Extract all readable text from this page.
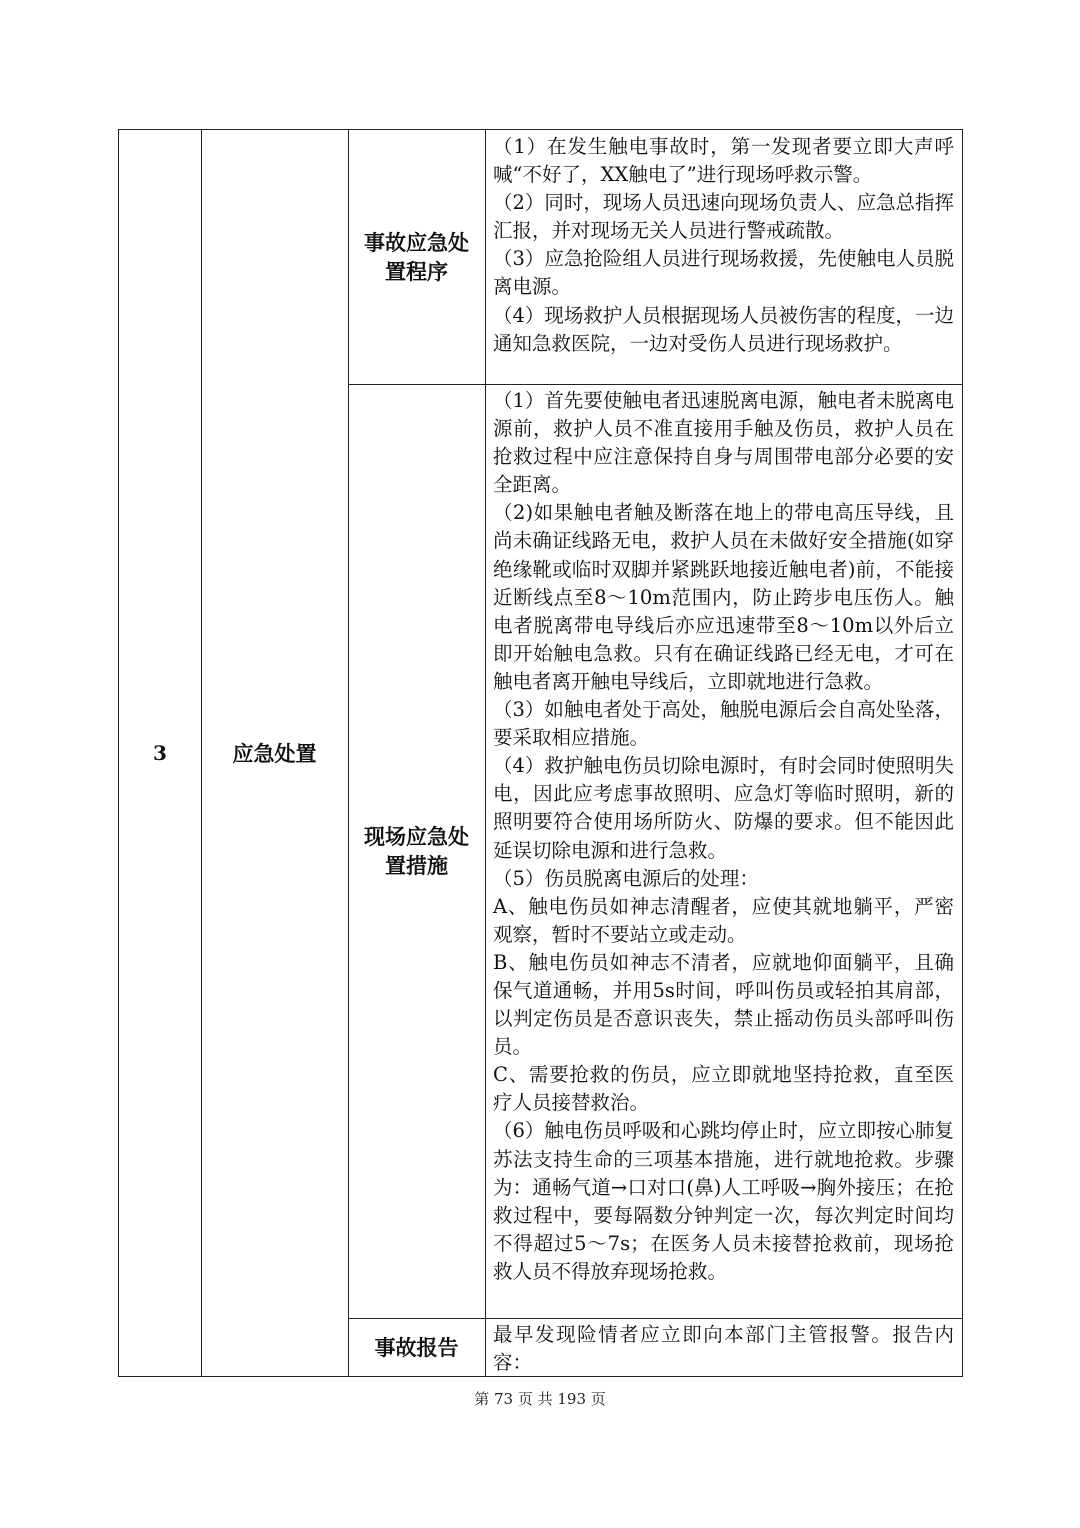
3	应急处置
事故应急处置程序

（1）在发生触电事故时，第一发现者要立即大声呼喊“不好了，XX触电了”进行现场呼救示警。

（2）同时，现场人员迅速向现场负责人、应急总指挥汇报，并对现场无关人员进行警戒疏散。

（3）应急抢险组人员进行现场救援，先使触电人员脱离电源。

（4）现场救护人员根据现场人员被伤害的程度，一边通知急救医院，一边对受伤人员进行现场救护。

现场应急处置措施

（1）首先要使触电者迅速脱离电源，触电者未脱离电源前，救护人员不准直接用手触及伤员，救护人员在抢救过程中应注意保持自身与周围带电部分必要的安全距离。

（2)如果触电者触及断落在地上的带电高压导线，且尚未确证线路无电，救护人员在未做好安全措施(如穿绝缘靴或临时双脚并紧跳跃地接近触电者)前，不能接近断线点至8～10m范围内，防止跨步电压伤人。触电者脱离带电导线后亦应迅速带至8～10m以外后立即开始触电急救。只有在确证线路已经无电，才可在触电者离开触电导线后，立即就地进行急救。

（3）如触电者处于高处，触脱电源后会自高处坠落，要采取相应措施。

（4）救护触电伤员切除电源时，有时会同时使照明失电，因此应考虑事故照明、应急灯等临时照明，新的照明要符合使用场所防火、防爆的要求。但不能因此延误切除电源和进行急救。

（5）伤员脱离电源后的处理：

A、触电伤员如神志清醒者，应使其就地躺平，严密观察，暂时不要站立或走动。

B、触电伤员如神志不清者，应就地仰面躺平，且确保气道通畅，并用5s时间，呼叫伤员或轻拍其肩部，以判定伤员是否意识丧失，禁止摇动伤员头部呼叫伤员。

C、需要抢救的伤员，应立即就地坚持抢救，直至医疗人员接替救治。

（6）触电伤员呼吸和心跳均停止时，应立即按心肺复苏法支持生命的三项基本措施，进行就地抢救。步骤为：通畅气道→口对口(鼻)人工呼吸→胸外接压；在抢救过程中，要每隔数分钟判定一次，每次判定时间均不得超过5～7s；在医务人员未接替抢救前，现场抢救人员不得放弃现场抢救。

事故报告	最早发现险情者应立即向本部门主管报警。报告内容：

第 73 页 共 193 页
